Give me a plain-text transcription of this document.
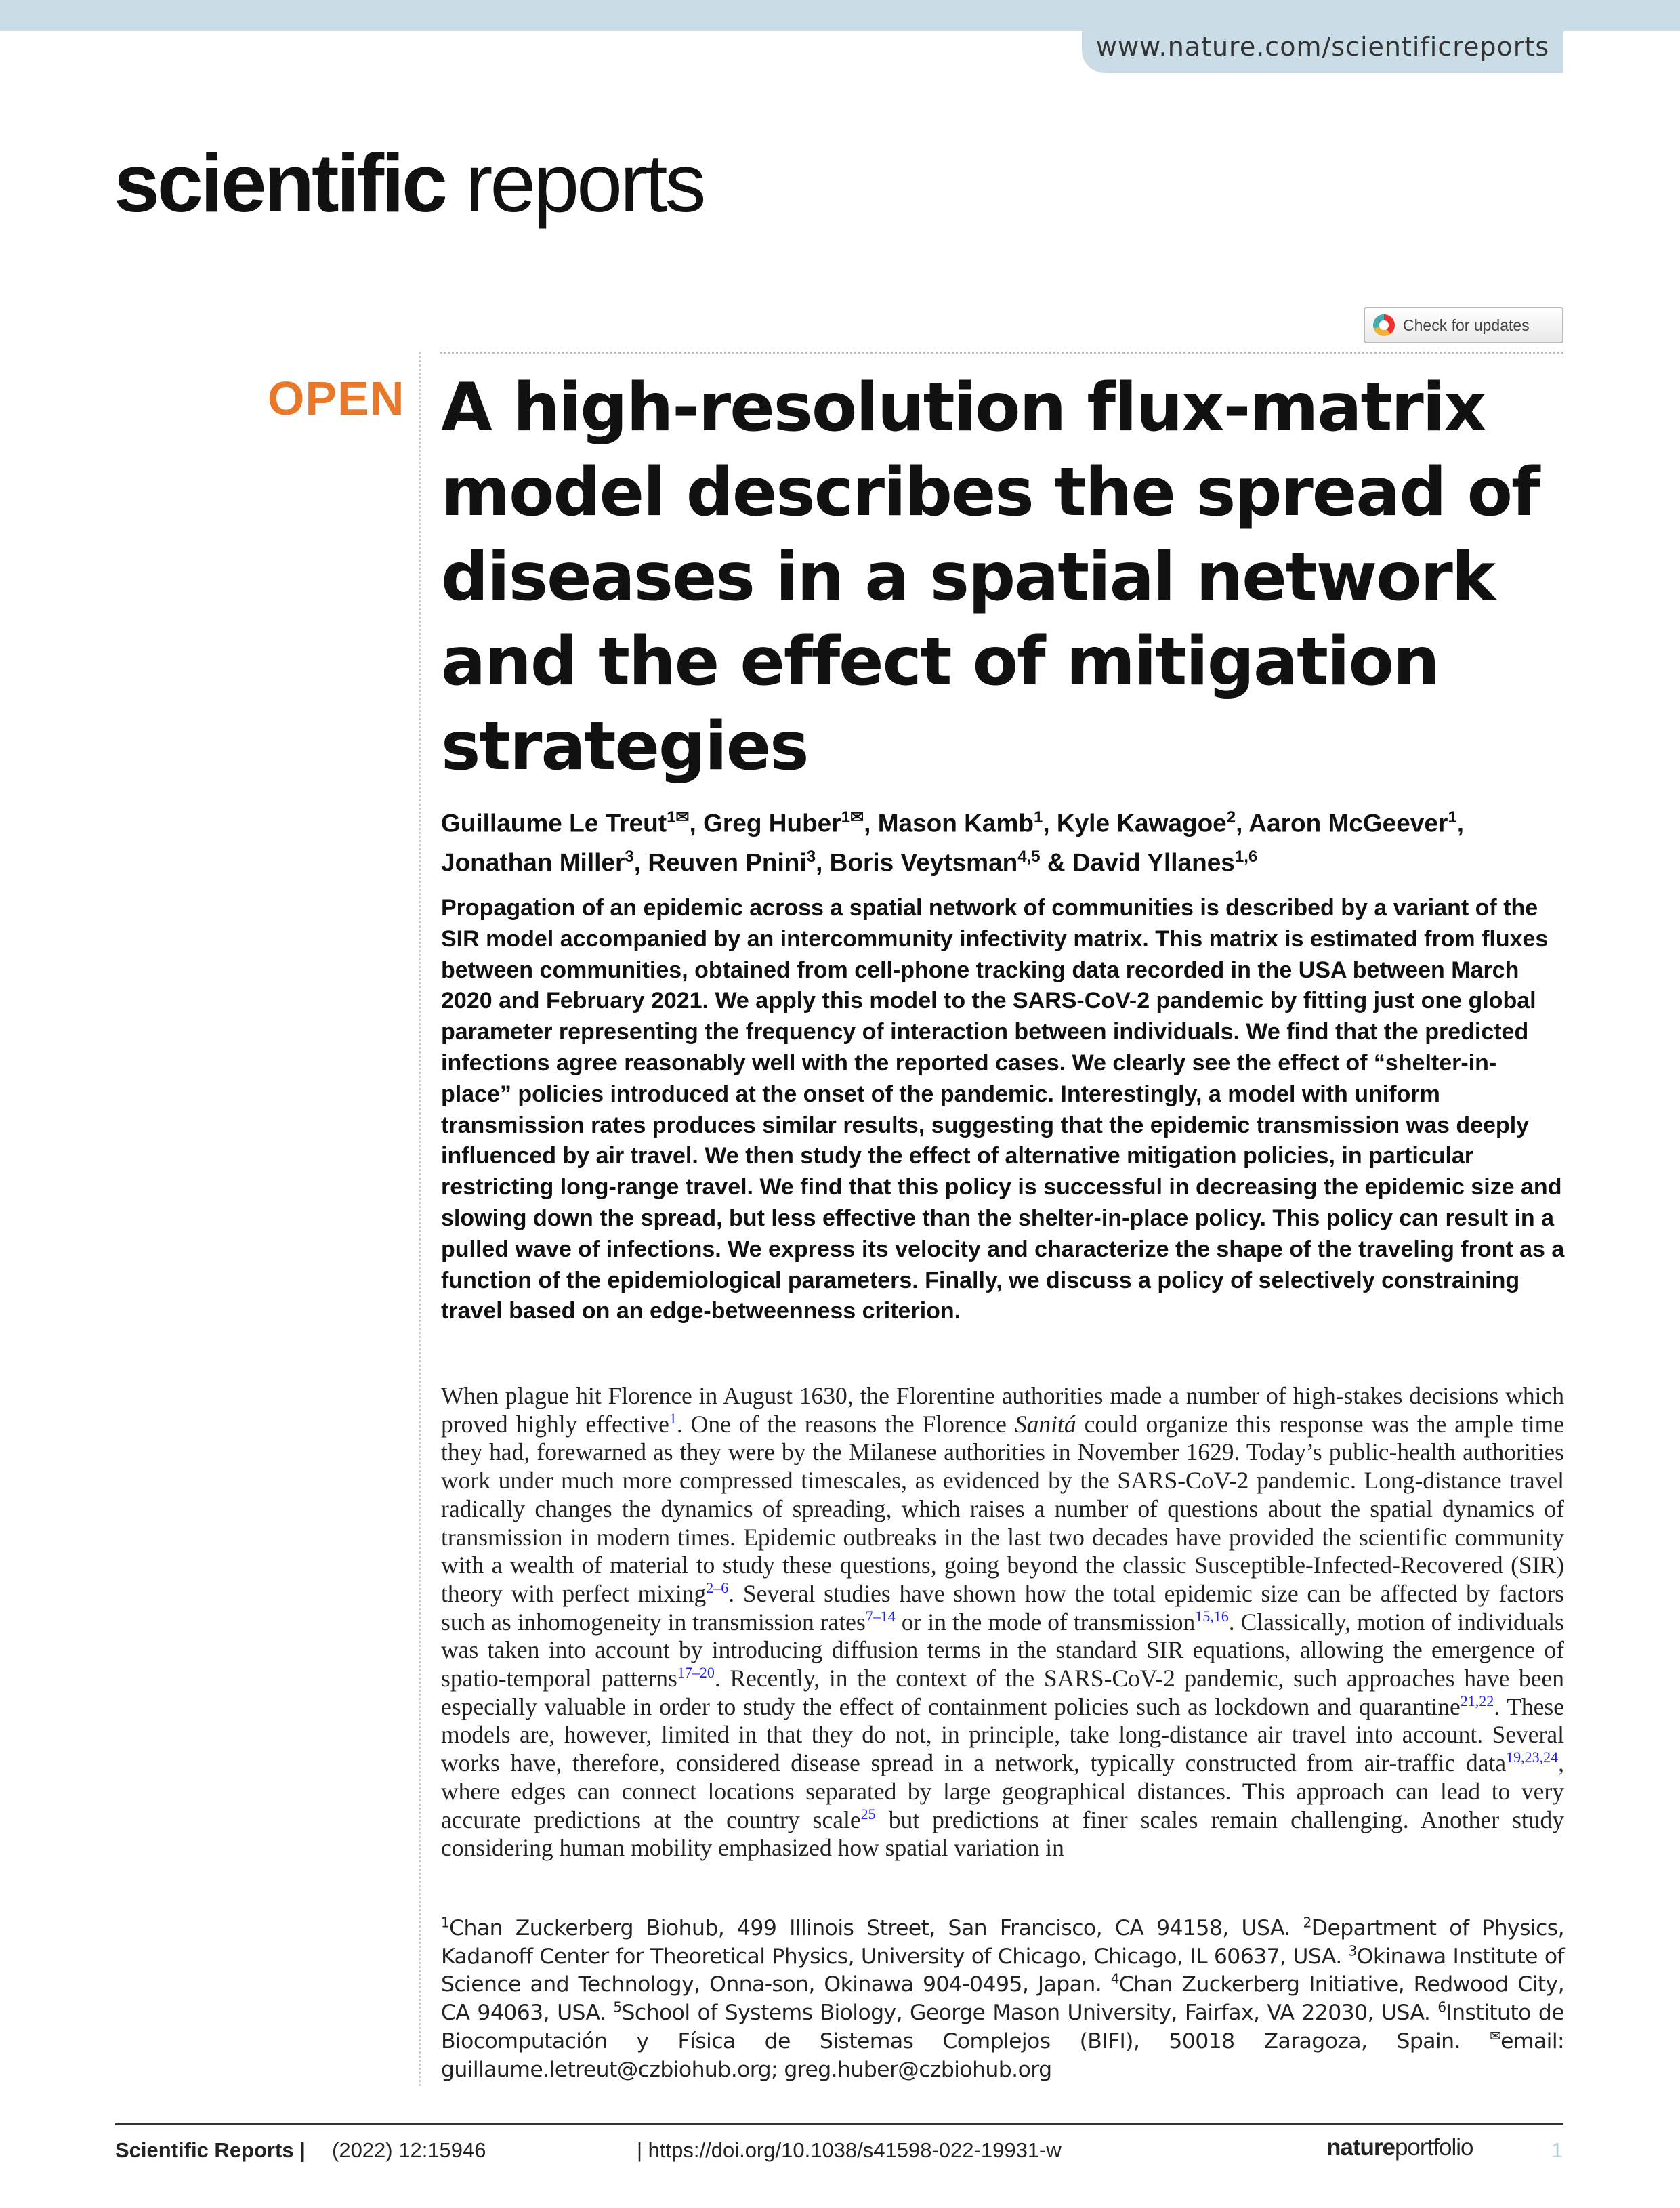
www.nature.com/scientificreports
scientific reports
Check for updates
OPEN A high-resolution flux-matrix model describes the spread of diseases in a spatial network and the effect of mitigation strategies
Guillaume Le Treut$^{1✉}$, Greg Huber$^{1✉}$, Mason Kamb$^1$, Kyle Kawagoe$^2$, Aaron McGeever$^1$, Jonathan Miller$^3$, Reuven Pnini$^3$, Boris Veytsman$^{4,5}$ & David Yllanes$^{1,6}$

Propagation of an epidemic across a spatial network of communities is described by a variant of the SIR model accompanied by an intercommunity infectivity matrix. This matrix is estimated from fluxes between communities, obtained from cell-phone tracking data recorded in the USA between March 2020 and February 2021. We apply this model to the SARS-CoV-2 pandemic by fitting just one global parameter representing the frequency of interaction between individuals. We find that the predicted infections agree reasonably well with the reported cases. We clearly see the effect of “shelter-in-place” policies introduced at the onset of the pandemic. Interestingly, a model with uniform transmission rates produces similar results, suggesting that the epidemic transmission was deeply influenced by air travel. We then study the effect of alternative mitigation policies, in particular restricting long-range travel. We find that this policy is successful in decreasing the epidemic size and slowing down the spread, but less effective than the shelter-in-place policy. This policy can result in a pulled wave of infections. We express its velocity and characterize the shape of the traveling front as a function of the epidemiological parameters. Finally, we discuss a policy of selectively constraining travel based on an edge-betweenness criterion.

When plague hit Florence in August 1630, the Florentine authorities made a number of high-stakes decisions which proved highly effective$^1$. One of the reasons the Florence Sanitá could organize this response was the ample time they had, forewarned as they were by the Milanese authorities in November 1629. Today’s public-health authorities work under much more compressed timescales, as evidenced by the SARS-CoV-2 pandemic. Long-distance travel radically changes the dynamics of spreading, which raises a number of questions about the spatial dynamics of transmission in modern times. Epidemic outbreaks in the last two decades have provided the scientific community with a wealth of material to study these questions, going beyond the classic Susceptible-Infected-Recovered (SIR) theory with perfect mixing$^{2-6}$. Several studies have shown how the total epidemic size can be affected by factors such as inhomogeneity in transmission rates$^{7-14}$ or in the mode of transmission$^{15,16}$. Classically, motion of individuals was taken into account by introducing diffusion terms in the standard SIR equations, allowing the emergence of spatio-temporal patterns$^{17-20}$. Recently, in the context of the SARS-CoV-2 pandemic, such approaches have been especially valuable in order to study the effect of containment policies such as lockdown and quarantine$^{21,22}$. These models are, however, limited in that they do not, in principle, take long-distance air travel into account. Several works have, therefore, considered disease spread in a network, typically constructed from air-traffic data$^{19,23,24}$, where edges can connect locations separated by large geographical distances. This approach can lead to very accurate predictions at the country scale$^{25}$ but predictions at finer scales remain challenging. Another study considering human mobility emphasized how spatial variation in

$^1$Chan Zuckerberg Biohub, 499 Illinois Street, San Francisco, CA 94158, USA. $^2$Department of Physics, Kadanoff Center for Theoretical Physics, University of Chicago, Chicago, IL 60637, USA. $^3$Okinawa Institute of Science and Technology, Onna-son, Okinawa 904-0495, Japan. $^4$Chan Zuckerberg Initiative, Redwood City, CA 94063, USA. $^5$School of Systems Biology, George Mason University, Fairfax, VA 22030, USA. $^6$Instituto de Biocomputación y Física de Sistemas Complejos (BIFI), 50018 Zaragoza, Spain. ✉email: guillaume.letreut@czbiohub.org; greg.huber@czbiohub.org

Scientific Reports | (2022) 12:15946	| https://doi.org/10.1038/s41598-022-19931-w	natureportfolio	1
